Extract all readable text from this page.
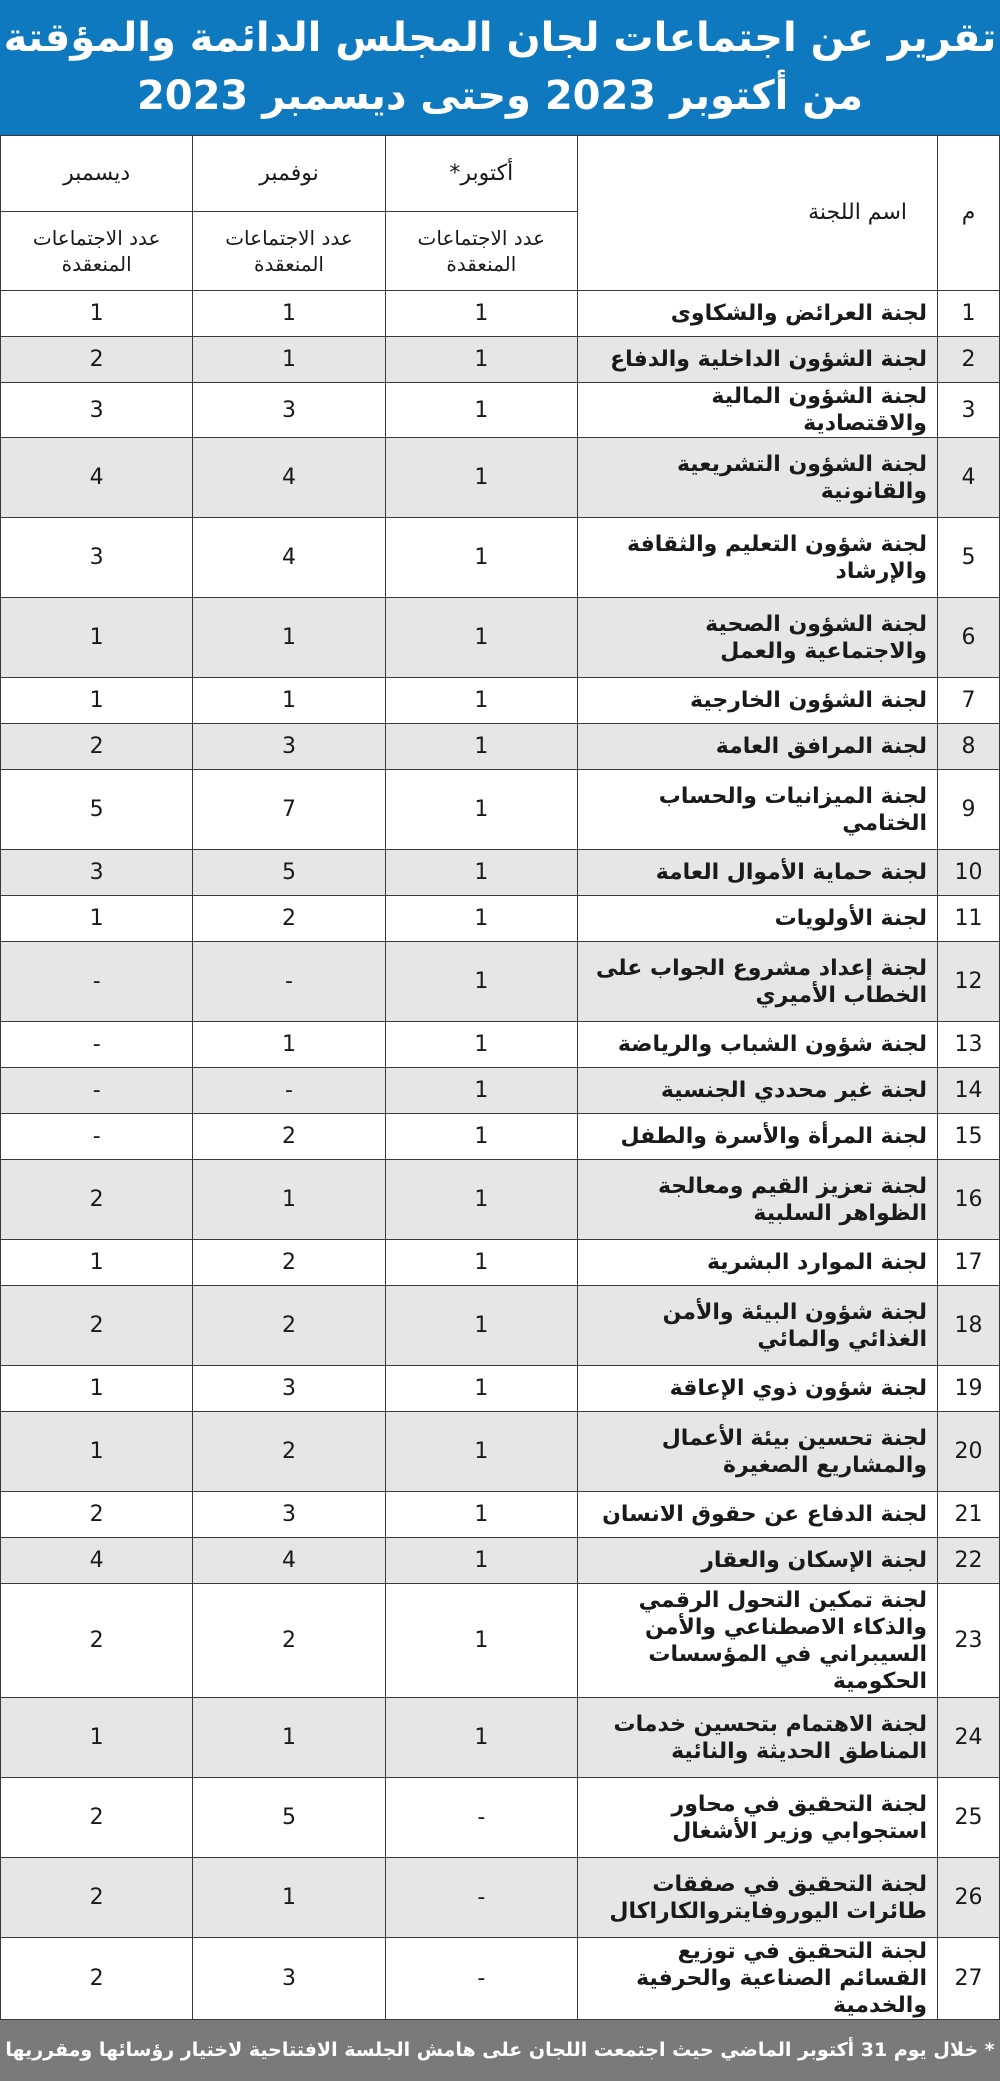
تقرير عن اجتماعات لجان المجلس الدائمة والمؤقتة
من أكتوبر 2023 وحتى ديسمبر 2023
م	اسم اللجنة	أكتوبر*	نوفمبر	ديسمبر
		عدد الاجتماعات المنعقدة	عدد الاجتماعات المنعقدة	عدد الاجتماعات المنعقدة
1	لجنة العرائض والشكاوى	1	1	1
2	لجنة الشؤون الداخلية والدفاع	1	1	2
3	لجنة الشؤون المالية والاقتصادية	1	3	3
4	لجنة الشؤون التشريعية والقانونية	1	4	4
5	لجنة شؤون التعليم والثقافة والإرشاد	1	4	3
6	لجنة الشؤون الصحية والاجتماعية والعمل	1	1	1
7	لجنة الشؤون الخارجية	1	1	1
8	لجنة المرافق العامة	1	3	2
9	لجنة الميزانيات والحساب الختامي	1	7	5
10	لجنة حماية الأموال العامة	1	5	3
11	لجنة الأولويات	1	2	1
12	لجنة إعداد مشروع الجواب على الخطاب الأميري	1	-	-
13	لجنة شؤون الشباب والرياضة	1	1	-
14	لجنة غير محددي الجنسية	1	-	-
15	لجنة المرأة والأسرة والطفل	1	2	-
16	لجنة تعزيز القيم ومعالجة الظواهر السلبية	1	1	2
17	لجنة الموارد البشرية	1	2	1
18	لجنة شؤون البيئة والأمن الغذائي والمائي	1	2	2
19	لجنة شؤون ذوي الإعاقة	1	3	1
20	لجنة تحسين بيئة الأعمال والمشاريع الصغيرة	1	2	1
21	لجنة الدفاع عن حقوق الانسان	1	3	2
22	لجنة الإسكان والعقار	1	4	4
23	لجنة تمكين التحول الرقمي والذكاء الاصطناعي والأمن السيبراني في المؤسسات الحكومية	1	2	2
24	لجنة الاهتمام بتحسين خدمات المناطق الحديثة والنائية	1	1	1
25	لجنة التحقيق في محاور استجوابي وزير الأشغال	-	5	2
26	لجنة التحقيق في صفقات طائرات اليوروفايتروالكاراكال	-	1	2
27	لجنة التحقيق في توزيع القسائم الصناعية والحرفية والخدمية	-	3	2
* خلال يوم 31 أكتوبر الماضي حيث اجتمعت اللجان على هامش الجلسة الافتتاحية لاختيار رؤسائها ومقرريها
